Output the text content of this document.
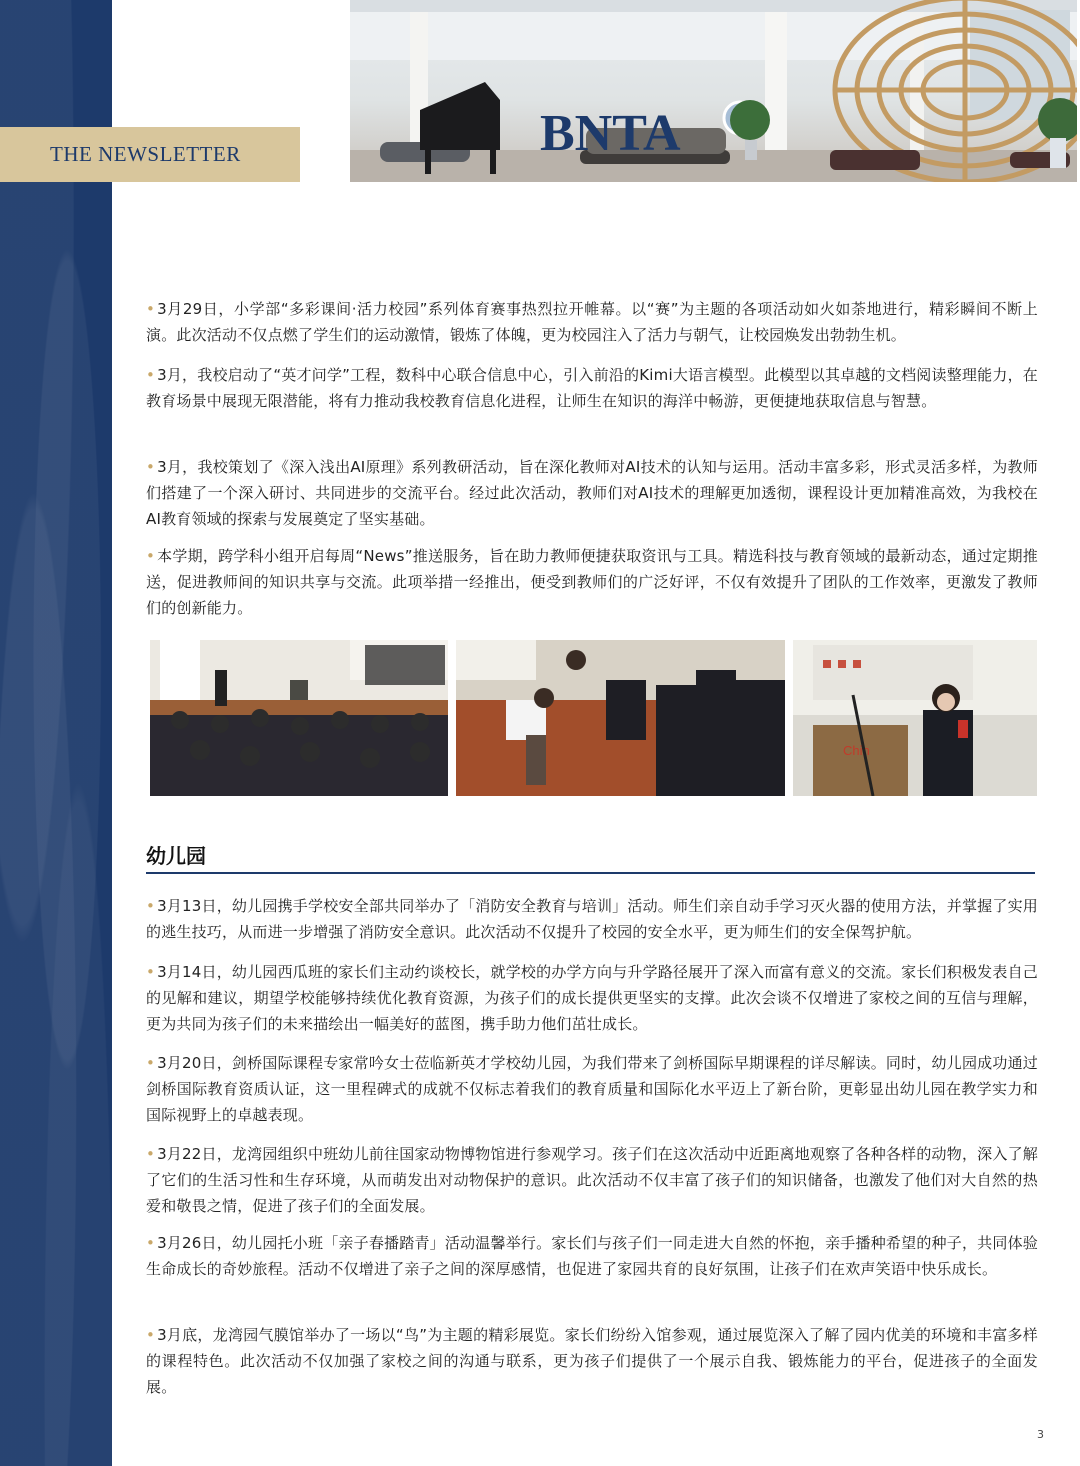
THE NEWSLETTER	BNTA
• 3月29日，小学部“多彩课间·活力校园”系列体育赛事热烈拉开帷幕。以“赛”为主题的各项活动如火如荼地进行，精彩瞬间不断上演。此次活动不仅点燃了学生们的运动激情，锻炼了体魄，更为校园注入了活力与朝气，让校园焕发出勃勃生机。
• 3月，我校启动了“英才问学”工程，数科中心联合信息中心，引入前沿的Kimi大语言模型。此模型以其卓越的文档阅读整理能力，在教育场景中展现无限潜能，将有力推动我校教育信息化进程，让师生在知识的海洋中畅游，更便捷地获取信息与智慧。
• 3月，我校策划了《深入浅出AI原理》系列教研活动，旨在深化教师对AI技术的认知与运用。活动丰富多彩，形式灵活多样，为教师们搭建了一个深入研讨、共同进步的交流平台。经过此次活动，教师们对AI技术的理解更加透彻，课程设计更加精准高效，为我校在AI教育领域的探索与发展奠定了坚实基础。
• 本学期，跨学科小组开启每周“News”推送服务，旨在助力教师便捷获取资讯与工具。精选科技与教育领域的最新动态，通过定期推送，促进教师间的知识共享与交流。此项举措一经推出，便受到教师们的广泛好评，不仅有效提升了团队的工作效率，更激发了教师们的创新能力。
Chin
幼儿园
• 3月13日，幼儿园携手学校安全部共同举办了「消防安全教育与培训」活动。师生们亲自动手学习灭火器的使用方法，并掌握了实用的逃生技巧，从而进一步增强了消防安全意识。此次活动不仅提升了校园的安全水平，更为师生们的安全保驾护航。
• 3月14日，幼儿园西瓜班的家长们主动约谈校长，就学校的办学方向与升学路径展开了深入而富有意义的交流。家长们积极发表自己的见解和建议，期望学校能够持续优化教育资源，为孩子们的成长提供更坚实的支撑。此次会谈不仅增进了家校之间的互信与理解，更为共同为孩子们的未来描绘出一幅美好的蓝图，携手助力他们茁壮成长。
• 3月20日，剑桥国际课程专家常吟女士莅临新英才学校幼儿园，为我们带来了剑桥国际早期课程的详尽解读。同时，幼儿园成功通过剑桥国际教育资质认证，这一里程碑式的成就不仅标志着我们的教育质量和国际化水平迈上了新台阶，更彰显出幼儿园在教学实力和国际视野上的卓越表现。
• 3月22日，龙湾园组织中班幼儿前往国家动物博物馆进行参观学习。孩子们在这次活动中近距离地观察了各种各样的动物，深入了解了它们的生活习性和生存环境，从而萌发出对动物保护的意识。此次活动不仅丰富了孩子们的知识储备，也激发了他们对大自然的热爱和敬畏之情，促进了孩子们的全面发展。
• 3月26日，幼儿园托小班「亲子春播踏青」活动温馨举行。家长们与孩子们一同走进大自然的怀抱，亲手播种希望的种子，共同体验生命成长的奇妙旅程。活动不仅增进了亲子之间的深厚感情，也促进了家园共育的良好氛围，让孩子们在欢声笑语中快乐成长。
• 3月底，龙湾园气膜馆举办了一场以“鸟”为主题的精彩展览。家长们纷纷入馆参观，通过展览深入了解了园内优美的环境和丰富多样的课程特色。此次活动不仅加强了家校之间的沟通与联系，更为孩子们提供了一个展示自我、锻炼能力的平台，促进孩子的全面发展。
3
